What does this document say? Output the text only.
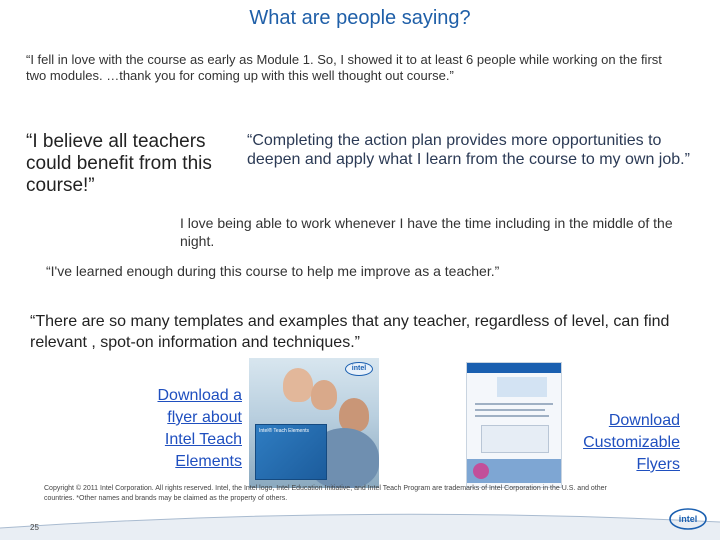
What are people saying?
“I fell in love with the course as early as Module 1. So, I showed it to at least 6 people while working on the first two modules. …thank you for coming up with this well thought out course.”
“I believe all teachers could benefit from this course!”
“Completing the action plan provides more opportunities to deepen and apply what I learn from the course to my own job.”
I love being able to work whenever I have the time including in the middle of the night.
“I've learned enough during this course to help me improve as a teacher.”
“There are so many templates and examples that any teacher, regardless of level, can find relevant , spot-on information and techniques.”
Download a flyer about Intel Teach Elements
intel
Intel® Teach Elements
Download Customizable Flyers
Copyright © 2011 Intel Corporation. All rights reserved. Intel, the Intel logo, Intel Education Initiative, and Intel Teach Program are trademarks of Intel Corporation in the U.S. and other countries. *Other names and brands may be claimed as the property of others.
25
intel
